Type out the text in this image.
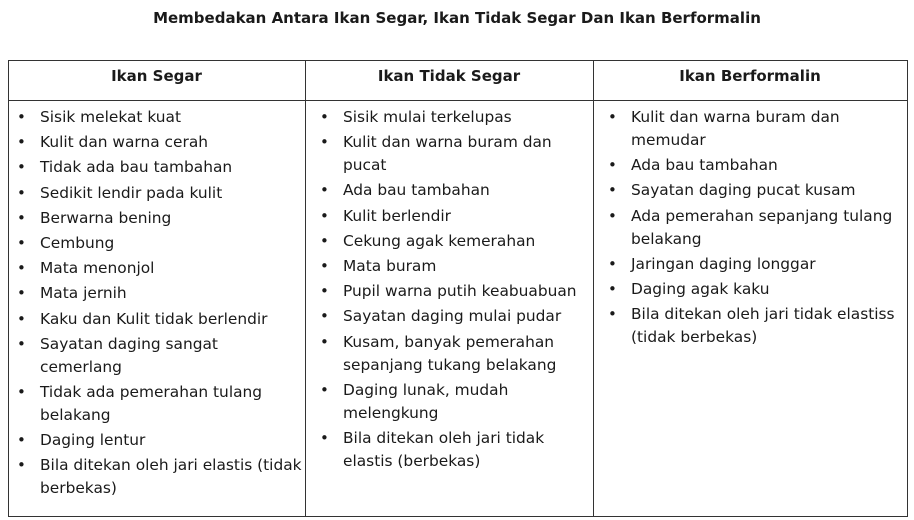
Membedakan Antara Ikan Segar, Ikan Tidak Segar Dan Ikan Berformalin
Ikan Segar
• Sisik melekat kuat
• Kulit dan warna cerah
• Tidak ada bau tambahan
• Sedikit lendir pada kulit
• Berwarna bening
• Cembung
• Mata menonjol
• Mata jernih
• Kaku dan Kulit tidak berlendir
• Sayatan daging sangat cemerlang
• Tidak ada pemerahan tulang belakang
• Daging lentur
• Bila ditekan oleh jari elastis (tidak berbekas)
Ikan Tidak Segar
• Sisik mulai terkelupas
• Kulit dan warna buram dan pucat
• Ada bau tambahan
• Kulit berlendir
• Cekung agak kemerahan
• Mata buram
• Pupil warna putih keabuabuan
• Sayatan daging mulai pudar
• Kusam, banyak pemerahan sepanjang tukang belakang
• Daging lunak, mudah melengkung
• Bila ditekan oleh jari tidak elastis (berbekas)
Ikan Berformalin
• Kulit dan warna buram dan memudar
• Ada bau tambahan
• Sayatan daging pucat kusam
• Ada pemerahan sepanjang tulang belakang
• Jaringan daging longgar
• Daging agak kaku
• Bila ditekan oleh jari tidak elastiss (tidak berbekas)
